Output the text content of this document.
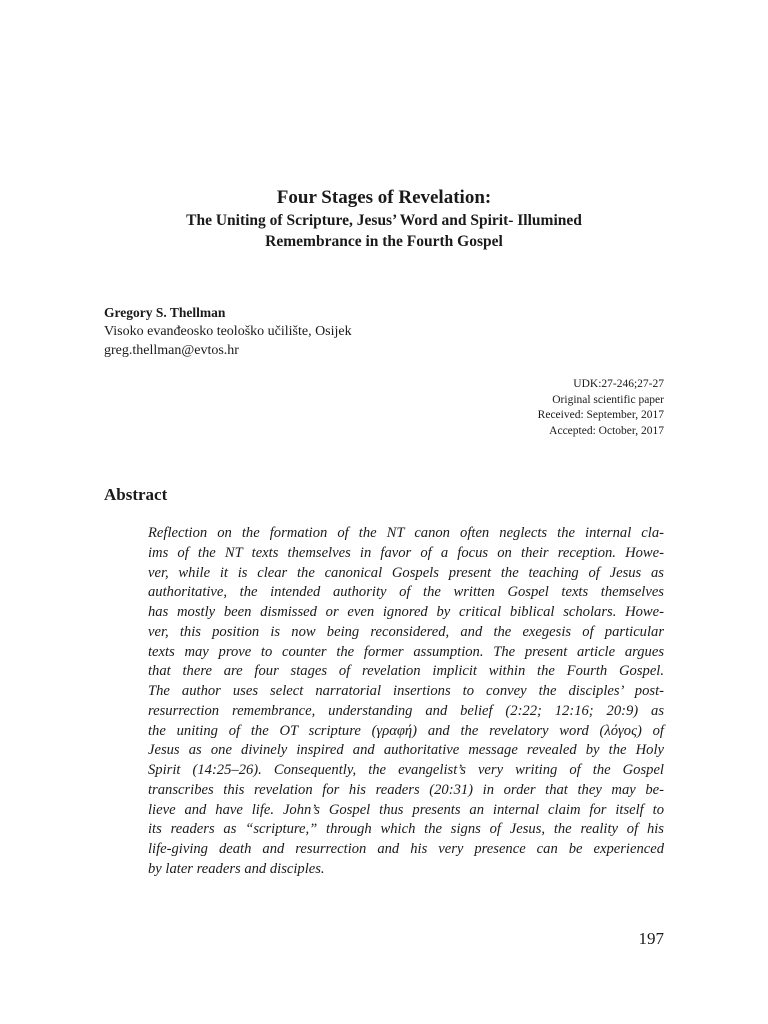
Four Stages of Revelation:
The Uniting of Scripture, Jesus’ Word and Spirit- Illumined
Remembrance in the Fourth Gospel
Gregory S. Thellman
Visoko evanđeosko teološko učilište, Osijek
greg.thellman@evtos.hr
UDK:27-246;27-27
Original scientific paper
Received: September, 2017
Accepted: October, 2017
Abstract

Reflection on the formation of the NT canon often neglects the internal cla-
ims of the NT texts themselves in favor of a focus on their reception. Howe-
ver, while it is clear the canonical Gospels present the teaching of Jesus as
authoritative, the intended authority of the written Gospel texts themselves
has mostly been dismissed or even ignored by critical biblical scholars. Howe-
ver, this position is now being reconsidered, and the exegesis of particular
texts may prove to counter the former assumption. The present article argues
that there are four stages of revelation implicit within the Fourth Gospel.
The author uses select narratorial insertions to convey the disciples’ post-
resurrection remembrance, understanding and belief (2:22; 12:16; 20:9) as
the uniting of the OT scripture (γραφή) and the revelatory word (λόγος) of
Jesus as one divinely inspired and authoritative message revealed by the Holy
Spirit (14:25–26). Consequently, the evangelist’s very writing of the Gospel
transcribes this revelation for his readers (20:31) in order that they may be-
lieve and have life. John’s Gospel thus presents an internal claim for itself to
its readers as “scripture,” through which the signs of Jesus, the reality of his
life-giving death and resurrection and his very presence can be experienced
by later readers and disciples.

197
